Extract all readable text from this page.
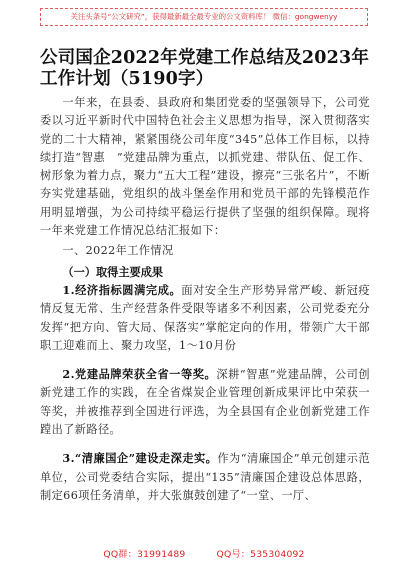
关注头条号“公文研究”，获得最新最全最专业的公文资料库！ 微信：gongwenyy
公司国企2022年党建工作总结及2023年工作计划（5190字）

一年来，在县委、县政府和集团党委的坚强领导下，公司党委以习近平新时代中国特色社会主义思想为指导，深入贯彻落实党的二十大精神，紧紧围绕公司年度“345”总体工作目标，以持续打造“智惠　”党建品牌为重点，以抓党建、带队伍、促工作、树形象为着力点，聚力“五大工程”建设，擦亮“三张名片”，不断夯实党建基础，党组织的战斗堡垒作用和党员干部的先锋模范作用明显增强，为公司持续平稳运行提供了坚强的组织保障。现将一年来党建工作情况总结汇报如下：

一、2022年工作情况

（一）取得主要成果

1.经济指标圆满完成。面对安全生产形势异常严峻、新冠疫情反复无常、生产经营条件受限等诸多不利因素，公司党委充分发挥“把方向、管大局、保落实”掌舵定向的作用，带领广大干部职工迎难而上、聚力攻坚，1～10月份

2.党建品牌荣获全省一等奖。深耕“智惠”党建品牌，公司创新党建工作的实践，在全省煤炭企业管理创新成果评比中荣获一等奖，并被推荐到全国进行评选，为全县国有企业创新党建工作蹚出了新路径。

3.“清廉国企”建设走深走实。作为“清廉国企”单元创建示范单位，公司党委结合实际，提出“135”清廉国企建设总体思路，制定66项任务清单，并大张旗鼓创建了“一堂、一厅、

QQ群：31991489	QQ号：535304092
